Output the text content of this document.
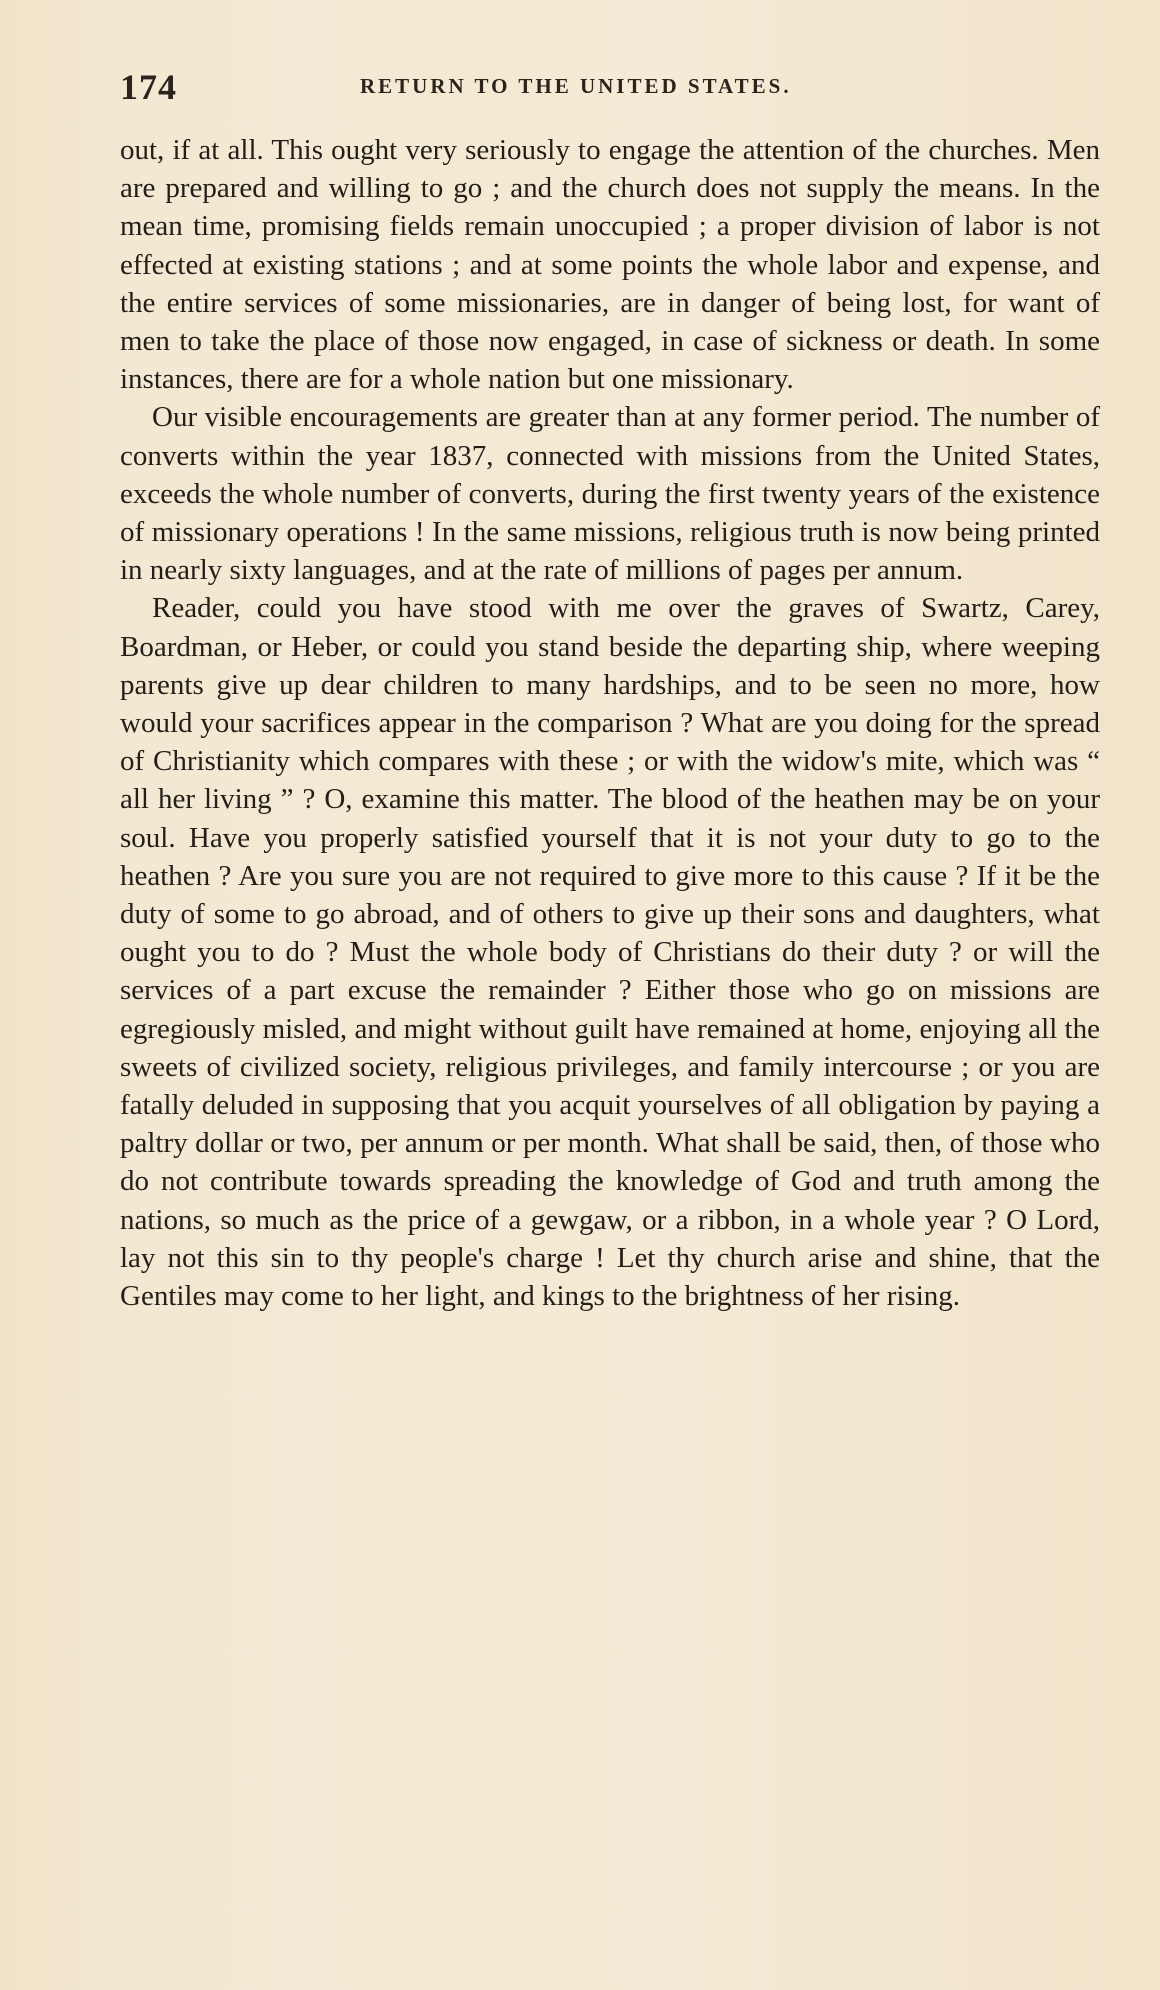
174	RETURN TO THE UNITED STATES.

out, if at all. This ought very seriously to engage the attention of the churches. Men are prepared and willing to go ; and the church does not supply the means. In the mean time, promising fields remain unoccupied ; a proper division of labor is not effected at existing stations ; and at some points the whole labor and expense, and the entire services of some missionaries, are in danger of being lost, for want of men to take the place of those now engaged, in case of sickness or death. In some instances, there are for a whole nation but one missionary.

Our visible encouragements are greater than at any former period. The number of converts within the year 1837, connected with missions from the United States, exceeds the whole number of converts, during the first twenty years of the existence of missionary operations ! In the same missions, religious truth is now being printed in nearly sixty languages, and at the rate of millions of pages per annum.

Reader, could you have stood with me over the graves of Swartz, Carey, Boardman, or Heber, or could you stand beside the departing ship, where weeping parents give up dear children to many hardships, and to be seen no more, how would your sacrifices appear in the comparison ? What are you doing for the spread of Christianity which compares with these ; or with the widow's mite, which was “ all her living ” ? O, examine this matter. The blood of the heathen may be on your soul. Have you properly satisfied yourself that it is not your duty to go to the heathen ? Are you sure you are not required to give more to this cause ? If it be the duty of some to go abroad, and of others to give up their sons and daughters, what ought you to do ? Must the whole body of Christians do their duty ? or will the services of a part excuse the remainder ? Either those who go on missions are egregiously misled, and might without guilt have remained at home, enjoying all the sweets of civilized society, religious privileges, and family intercourse ; or you are fatally deluded in supposing that you acquit yourselves of all obligation by paying a paltry dollar or two, per annum or per month. What shall be said, then, of those who do not contribute towards spreading the knowledge of God and truth among the nations, so much as the price of a gewgaw, or a ribbon, in a whole year ? O Lord, lay not this sin to thy people's charge ! Let thy church arise and shine, that the Gentiles may come to her light, and kings to the brightness of her rising.
